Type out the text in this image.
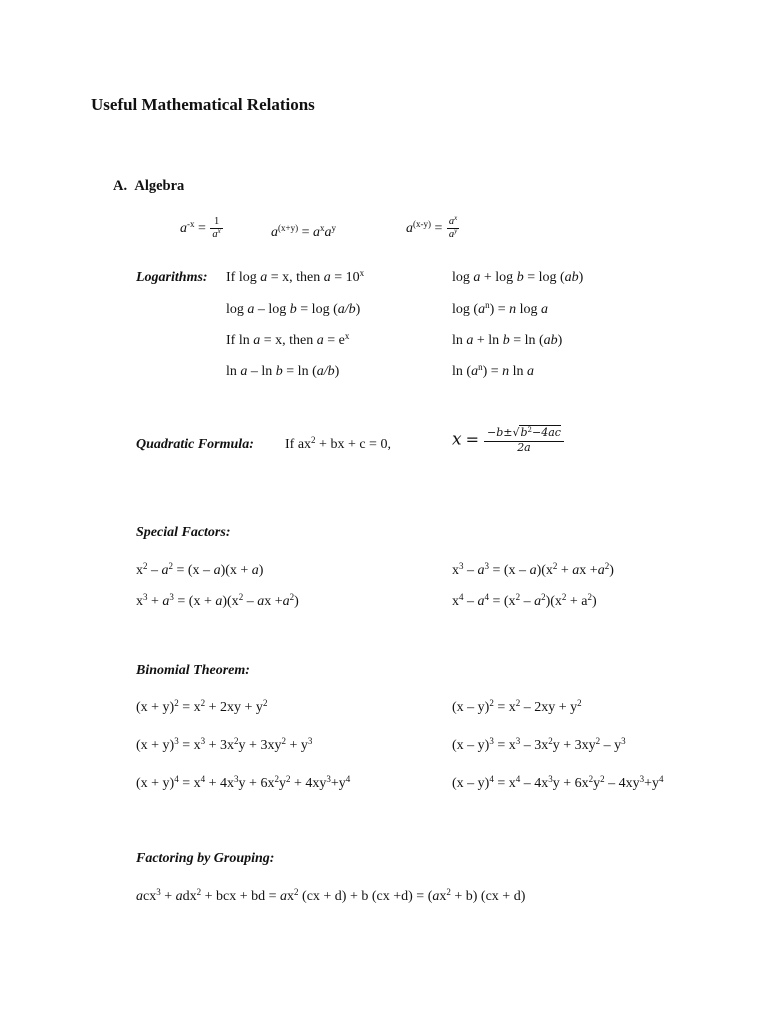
Useful Mathematical Relations
A. Algebra
$a^{-x} = \frac{1}{a^x}$	$a^{(x+y)} = a^xa^y$	$a^{(x-y)} = \frac{a^x}{a^y}$
Logarithms: If log a = x, then $a = 10^x$	log a + log b = log (ab)
log a – log b = log (a/b)	$\log (a^n) = n$ log a
If ln a = x, then $a = e^x$	ln a + ln b = ln (ab)
ln a – ln b = ln (a/b)	$\ln (a^n) = n$ ln a
Quadratic Formula: If $ax^2$ + bx + c = 0,	$x = \frac{-b\pm√b^2-4ac}{2a}$
Special Factors:
$x^2 - a^2 = (x - a)(x + a)$	$x^3 - a^3 = (x - a)(x^2$ + ax $+a^2$)
$x^3 + a^3 = (x + a)(x^2$ – ax $+a^2$)	$x^4 - a^4 = (x^2 - a^2)(x^2 + a^2)$
Binomial Theorem:
$(x + y)^2 = x^2 + 2xy + y^2$	$(x - y)^2 = x^2 - 2xy + y^2$
$(x + y)^3 = x^3 + 3x^2y + 3xy^2 + y^3$	$(x - y)^3 = x^3 - 3x^2y + 3xy^2 - y^3$
$(x + y)^4 = x^4 + 4x^3y + 6x^2y^2 + 4xy^3+y^4$	$(x - y)^4 = x^4 - 4x^3y + 6x^2y^2 - 4xy^3+y^4$
Factoring by Grouping:
acx$^3$ + adx$^2$ + bcx + bd = $ax^2$ (cx + d) + b $(cx +d) = (ax^2 + b) (cx + d)$
